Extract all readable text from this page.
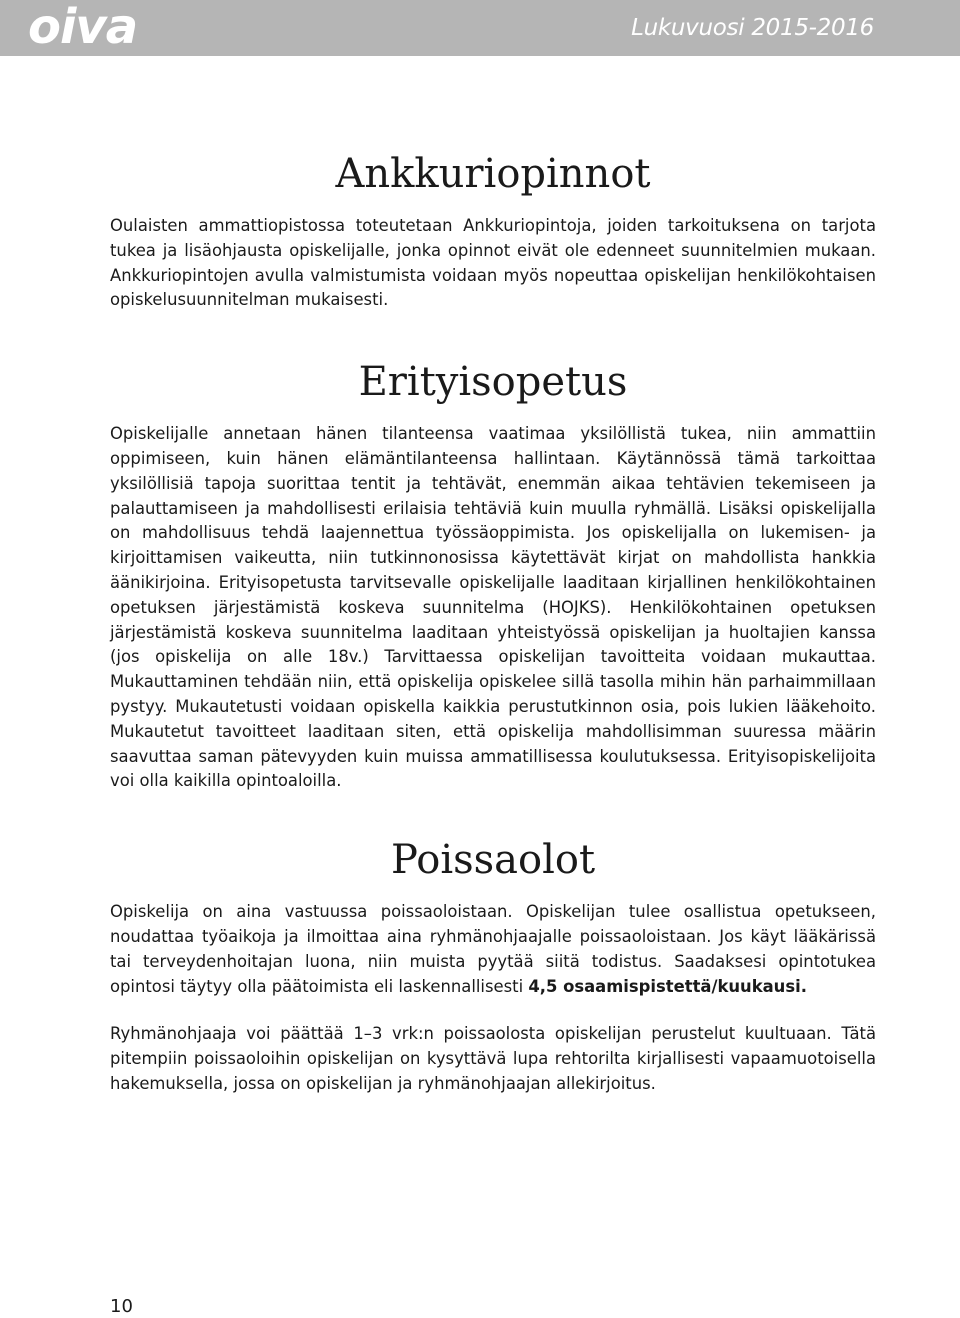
oiva	Lukuvuosi 2015-2016
Ankkuriopinnot

Oulaisten ammattiopistossa toteutetaan Ankkuriopintoja, joiden tarkoituksena on tarjota tukea ja lisäohjausta opiskelijalle, jonka opinnot eivät ole edenneet suunnitelmien mukaan. Ankkuriopintojen avulla valmistumista voidaan myös nopeuttaa opiskelijan henkilökohtaisen opiskelusuunnitelman mukaisesti.

Erityisopetus

Opiskelijalle annetaan hänen tilanteensa vaatimaa yksilöllistä tukea, niin ammattiin oppimiseen, kuin hänen elämäntilanteensa hallintaan. Käytännössä tämä tarkoittaa yksilöllisiä tapoja suorittaa tentit ja tehtävät, enemmän aikaa tehtävien tekemiseen ja palauttamiseen ja mahdollisesti erilaisia tehtäviä kuin muulla ryhmällä. Lisäksi opiskelijalla on mahdollisuus tehdä laajennettua työssäoppimista. Jos opiskelijalla on lukemisen- ja kirjoittamisen vaikeutta, niin tutkinnonosissa käytettävät kirjat on mahdollista hankkia äänikirjoina. Erityisopetusta tarvitsevalle opiskelijalle laaditaan kirjallinen henkilökohtainen opetuksen järjestämistä koskeva suunnitelma (HOJKS). Henkilökohtainen opetuksen järjestämistä koskeva suunnitelma laaditaan yhteistyössä opiskelijan ja huoltajien kanssa (jos opiskelija on alle 18v.) Tarvittaessa opiskelijan tavoitteita voidaan mukauttaa. Mukauttaminen tehdään niin, että opiskelija opiskelee sillä tasolla mihin hän parhaimmillaan pystyy. Mukautetusti voidaan opiskella kaikkia perustutkinnon osia, pois lukien lääkehoito. Mukautetut tavoitteet laaditaan siten, että opiskelija mahdollisimman suuressa määrin saavuttaa saman pätevyyden kuin muissa ammatillisessa koulutuksessa. Erityisopiskelijoita voi olla kaikilla opintoaloilla.

Poissaolot

Opiskelija on aina vastuussa poissaoloistaan. Opiskelijan tulee osallistua opetukseen, noudattaa työaikoja ja ilmoittaa aina ryhmänohjaajalle poissaoloistaan. Jos käyt lääkärissä tai terveydenhoitajan luona, niin muista pyytää siitä todistus. Saadaksesi opintotukea opintosi täytyy olla päätoimista eli laskennallisesti 4,5 osaamispistettä/kuukausi.

Ryhmänohjaaja voi päättää 1–3 vrk:n poissaolosta opiskelijan perustelut kuultuaan. Tätä pitempiin poissaoloihin opiskelijan on kysyttävä lupa rehtorilta kirjallisesti vapaamuotoisella hakemuksella, jossa on opiskelijan ja ryhmänohjaajan allekirjoitus.

10
